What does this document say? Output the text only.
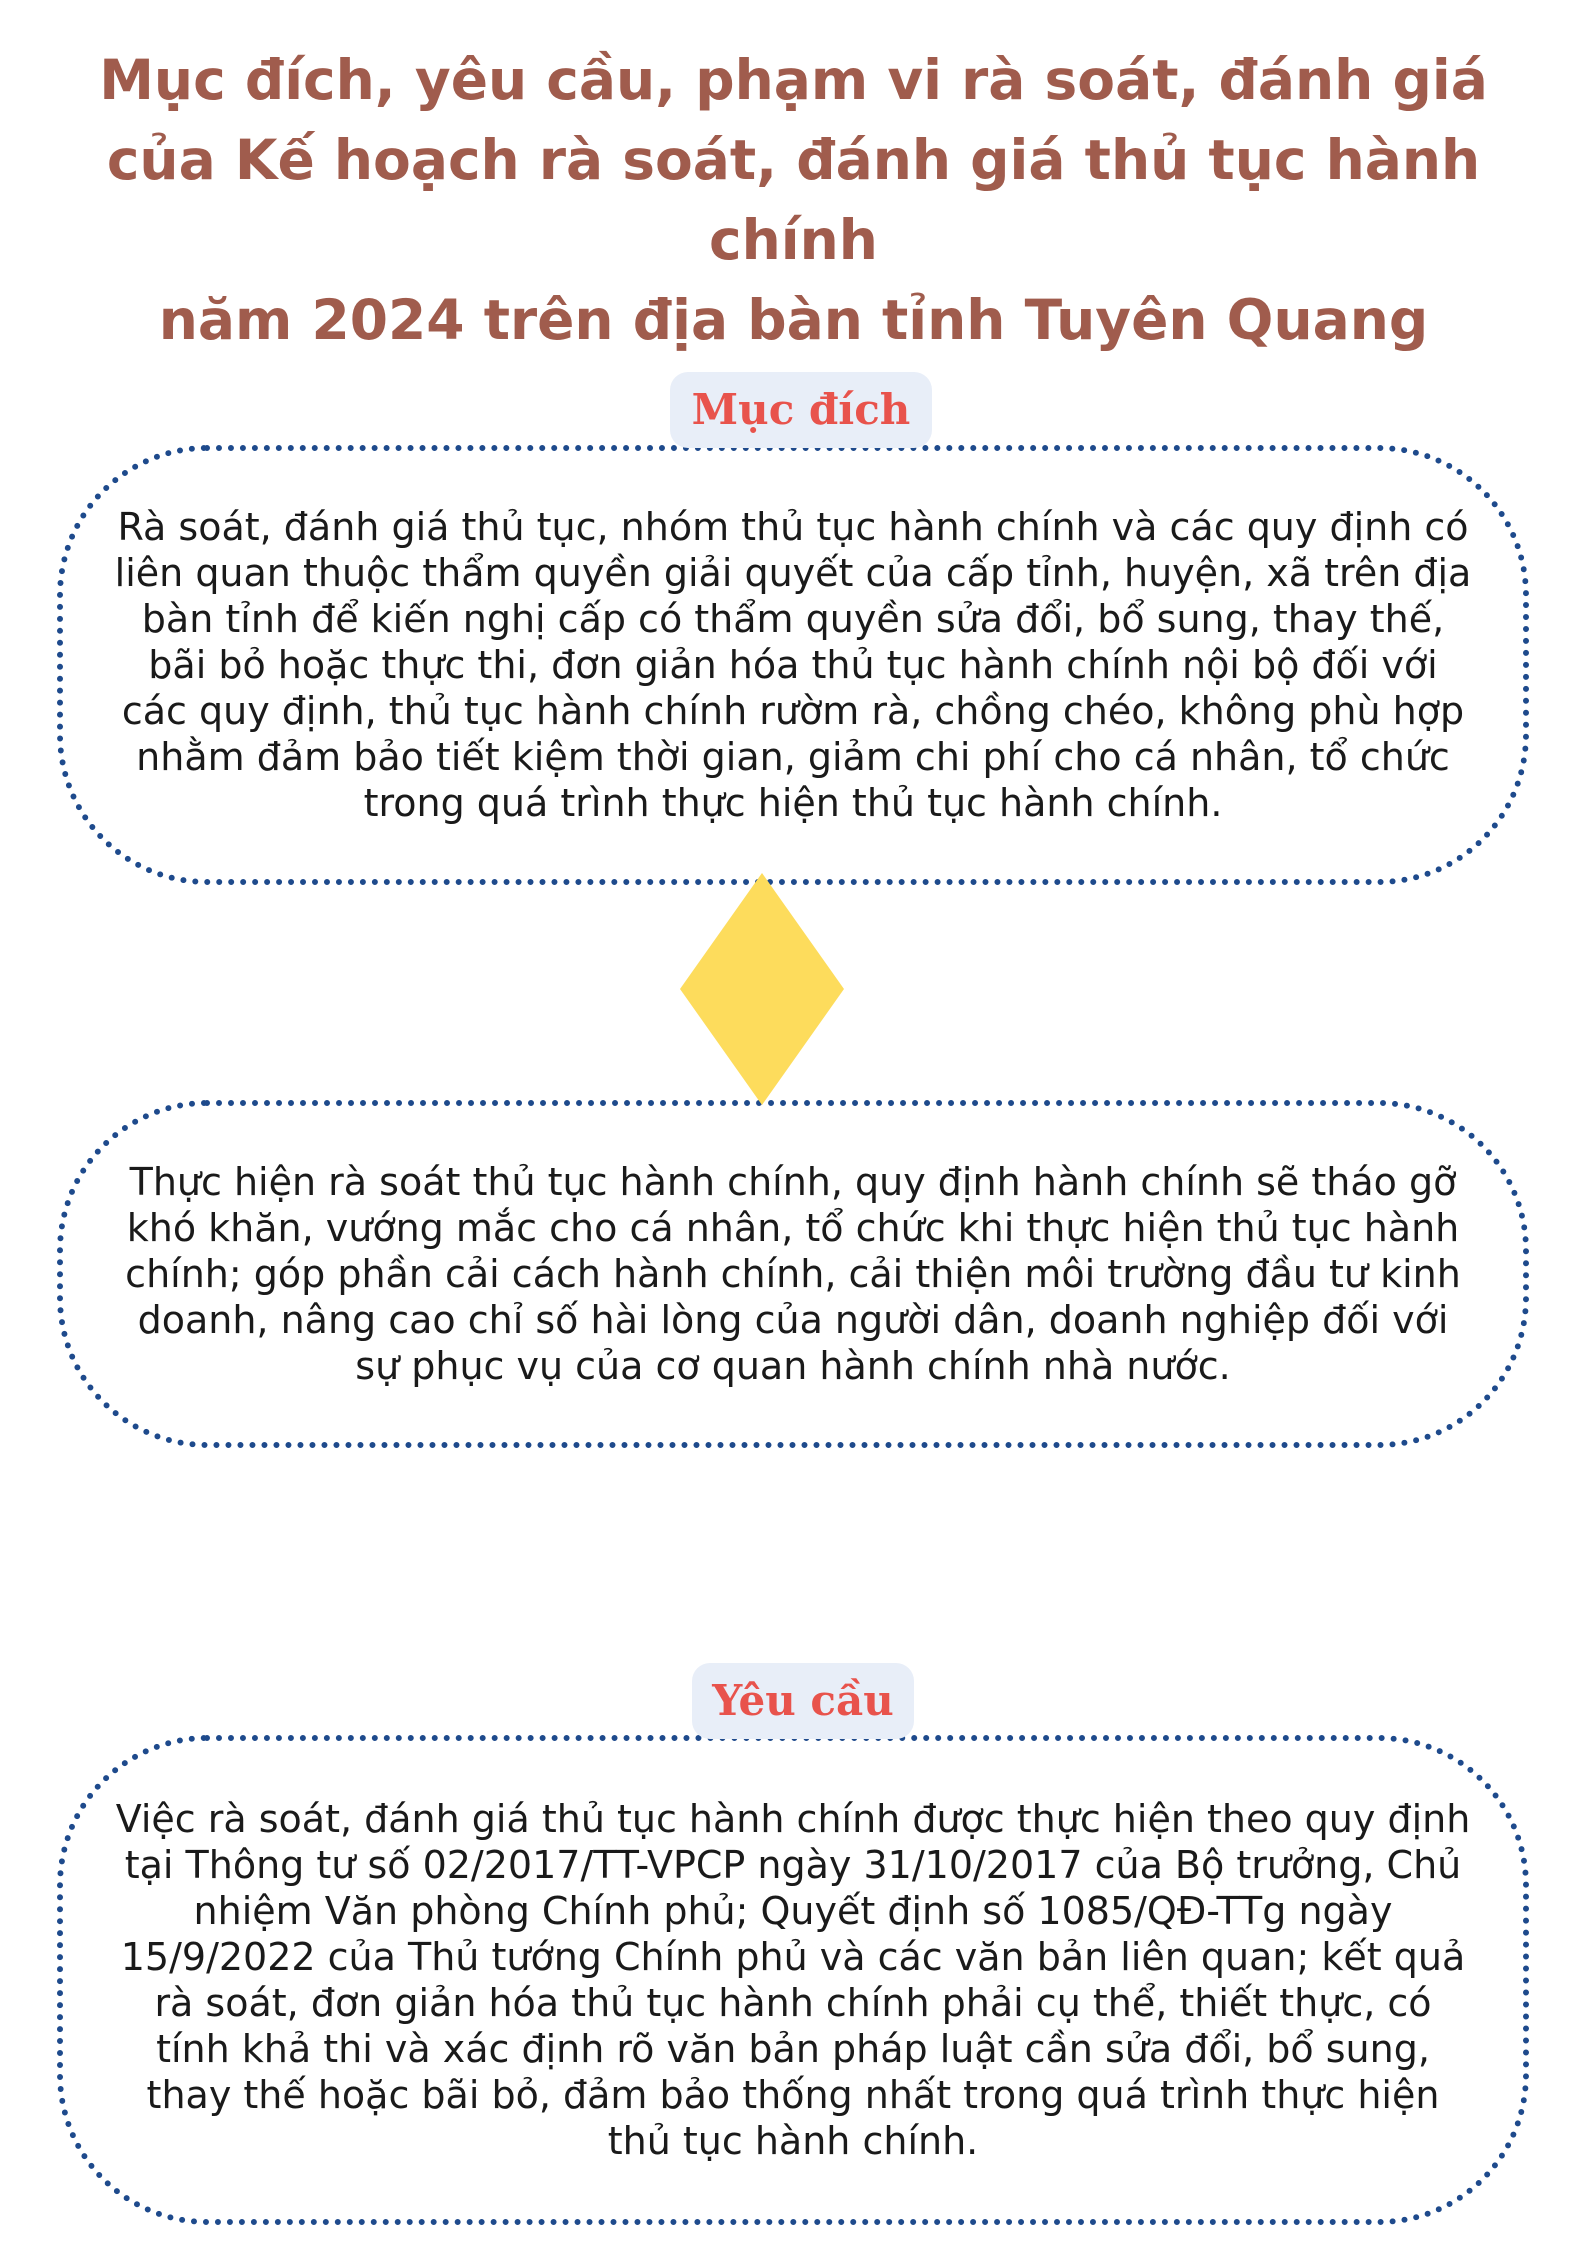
Mục đích, yêu cầu, phạm vi rà soát, đánh giá
của Kế hoạch rà soát, đánh giá thủ tục hành chính
năm 2024 trên địa bàn tỉnh Tuyên Quang
Mục đích

Rà soát, đánh giá thủ tục, nhóm thủ tục hành chính và các quy định có liên quan thuộc thẩm quyền giải quyết của cấp tỉnh, huyện, xã trên địa bàn tỉnh để kiến nghị cấp có thẩm quyền sửa đổi, bổ sung, thay thế, bãi bỏ hoặc thực thi, đơn giản hóa thủ tục hành chính nội bộ đối với các quy định, thủ tục hành chính rườm rà, chồng chéo, không phù hợp nhằm đảm bảo tiết kiệm thời gian, giảm chi phí cho cá nhân, tổ chức trong quá trình thực hiện thủ tục hành chính.

Thực hiện rà soát thủ tục hành chính, quy định hành chính sẽ tháo gỡ khó khăn, vướng mắc cho cá nhân, tổ chức khi thực hiện thủ tục hành chính; góp phần cải cách hành chính, cải thiện môi trường đầu tư kinh doanh, nâng cao chỉ số hài lòng của người dân, doanh nghiệp đối với sự phục vụ của cơ quan hành chính nhà nước.

Yêu cầu

Việc rà soát, đánh giá thủ tục hành chính được thực hiện theo quy định tại Thông tư số 02/2017/TT-VPCP ngày 31/10/2017 của Bộ trưởng, Chủ nhiệm Văn phòng Chính phủ; Quyết định số 1085/QĐ-TTg ngày 15/9/2022 của Thủ tướng Chính phủ và các văn bản liên quan; kết quả rà soát, đơn giản hóa thủ tục hành chính phải cụ thể, thiết thực, có tính khả thi và xác định rõ văn bản pháp luật cần sửa đổi, bổ sung, thay thế hoặc bãi bỏ, đảm bảo thống nhất trong quá trình thực hiện thủ tục hành chính.
